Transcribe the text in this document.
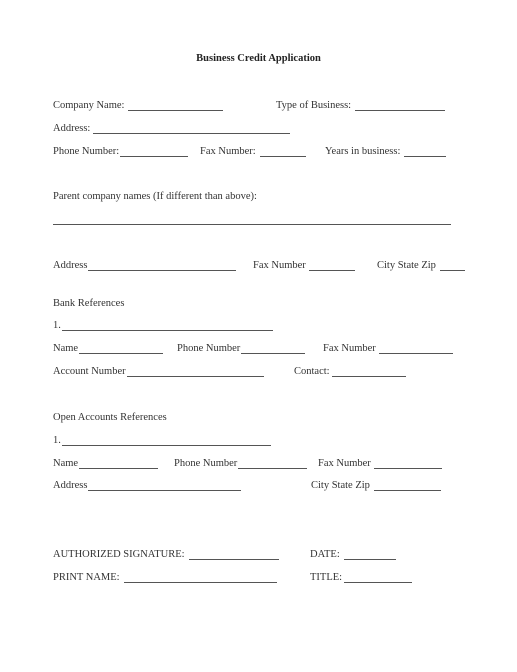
Business Credit Application
Company Name:	Type of Business:
Address:
Phone Number:	Fax Number:	Years in business:
Parent company names (If different than above):
Address	Fax Number	City State Zip
Bank References
1.
Name	Phone Number	Fax Number
Account Number	Contact:
Open Accounts References
1.
Name	Phone Number	Fax Number
Address	City State Zip
AUTHORIZED SIGNATURE:	DATE:
PRINT NAME:	TITLE:
